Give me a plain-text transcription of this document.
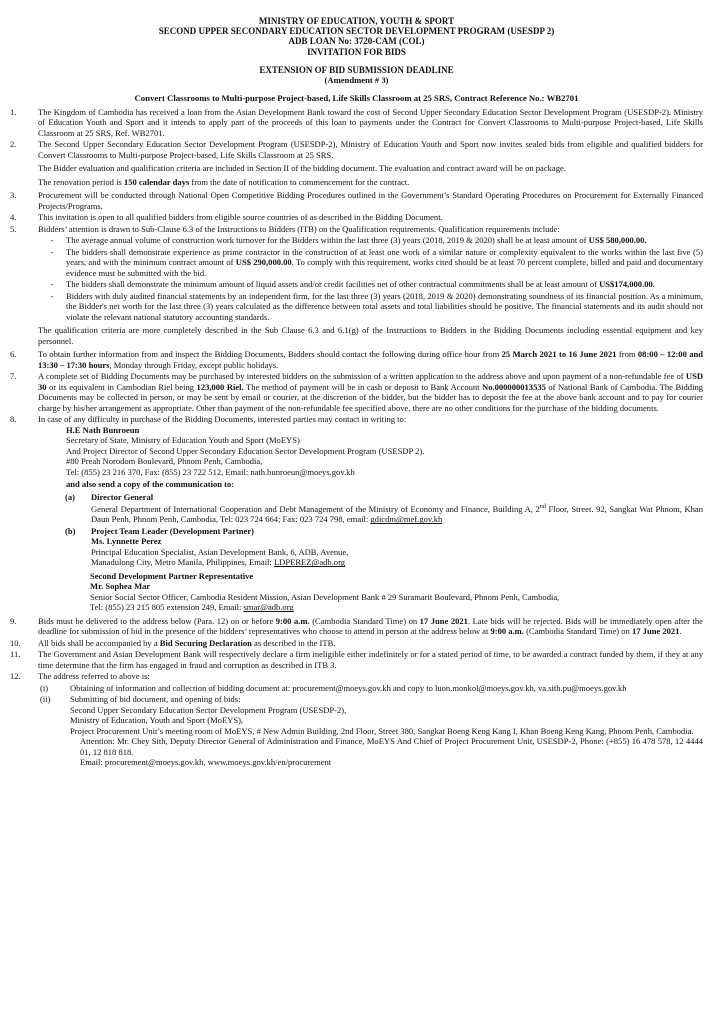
MINISTRY OF EDUCATION, YOUTH & SPORT
SECOND UPPER SECONDARY EDUCATION SECTOR DEVELOPMENT PROGRAM (USESDP 2)
ADB LOAN No: 3720-CAM (COL)
INVITATION FOR BIDS
EXTENSION OF BID SUBMISSION DEADLINE
(Amendment # 3)
Convert Classrooms to Multi-purpose Project-based, Life Skills Classroom at 25 SRS, Contract Reference No.: WB2701
1.	The Kingdom of Cambodia has received a loan from the Asian Development Bank toward the cost of Second Upper Secondary Education Sector Development Program (USESDP-2). Ministry of Education Youth and Sport and it intends to apply part of the proceeds of this loan to payments under the Contract for Convert Classrooms to Multi-purpose Project-based, Life Skills Classroom at 25 SRS, Ref. WB2701.
2.	The Second Upper Secondary Education Sector Development Program (USESDP-2), Ministry of Education Youth and Sport now invites sealed bids from eligible and qualified bidders for Convert Classrooms to Multi-purpose Project-based, Life Skills Classroom at 25 SRS.
The Bidder evaluation and qualification criteria are included in Section II of the bidding document. The evaluation and contract award will be on package.
The renovation period is 150 calendar days from the date of notification to commencement for the contract.
3.	Procurement will be conducted through National Open Competitive Bidding Procedures outlined in the Government’s Standard Operating Procedures on Procurement for Externally Financed Projects/Programs.
4.	This invitation is open to all qualified bidders from eligible source countries of as described in the Bidding Document.
5.	Bidders’ attention is drawn to Sub-Clause 6.3 of the Instructions to Bidders (ITB) on the Qualification requirements. Qualification requirements include:
-	The average annual volume of construction work turnover for the Bidders within the last three (3) years (2018, 2019 & 2020) shall be at least amount of US$ 580,000.00.
-	The bidders shall demonstrate experience as prime contractor in the construction of at least one work of a similar nature or complexity equivalent to the works within the last five (5) years, and with the minimum contract amount of US$ 290,000.00. To comply with this requirement, works cited should be at least 70 percent complete, billed and paid and documentary evidence must be submitted with the bid.
-	The bidders shall demonstrate the minimum amount of liquid assets and/or credit facilities net of other contractual commitments shall be at least amount of US$174,000.00.
-	Bidders with duly audited financial statements by an independent firm, for the last three (3) years (2018, 2019 & 2020) demonstrating soundness of its financial position. As a minimum, the Bidder's net worth for the last three (3) years calculated as the difference between total assets and total liabilities should be positive. The financial statements and its audit should not violate the relevant national statutory accounting standards.
The qualification criteria are more completely described in the Sub Clause 6.3 and 6.1(g) of the Instructions to Bidders in the Bidding Documents including essential equipment and key personnel.
6.	To obtain further information from and inspect the Bidding Documents, Bidders should contact the following during office hour from 25 March 2021 to 16 June 2021 from 08:00 – 12:00 and 13:30 – 17:30 hours, Monday through Friday, except public holidays.
7.	A complete set of Bidding Documents may be purchased by interested bidders on the submission of a written application to the address above and upon payment of a non-refundable fee of USD 30 or its equivalent in Cambodian Riel being 123,000 Riel. The method of payment will be in cash or deposit to Bank Account No.000000013535 of National Bank of Cambodia. The Bidding Documents may be collected in person, or may be sent by email or courier, at the discretion of the bidder, but the bidder has to deposit the fee at the above bank account and to pay for courier charge by his/her arrangement as appropriate. Other than payment of the non-refundable fee specified above, there are no other conditions for the purchase of the bidding documents.
8.	In case of any difficulty in purchase of the Bidding Documents, interested parties may contact in writing to:
H.E Nath Bunroeun
Secretary of State, Ministry of Education Youth and Sport (MoEYS)
And Project Director of Second Upper Secondary Education Sector Development Program (USESDP 2).
#80 Preah Norodom Boulevard, Phnom Penh, Cambodia,
Tel: (855) 23 216 370, Fax: (855) 23 722 512, Email: nath.bunroeun@moeys.gov.kh
and also send a copy of the communication to:
(a)	Director General
General Department of International Cooperation and Debt Management of the Ministry of Economy and Finance, Building A, 2nd Floor, Street. 92, Sangkat Wat Phnom, Khan Daun Penh, Phnom Penh, Cambodia, Tel: 023 724 664; Fax: 023 724 798, email: gdicdm@mef.gov.kh
(b)	Project Team Leader (Development Partner)
Ms. Lynnette Perez
Principal Education Specialist, Asian Development Bank, 6, ADB, Avenue,
Manadulong City, Metro Manila, Philippines, Email: LDPEREZ@adb.org
Second Development Partner Representative
Mr. Sophea Mar
Senior Social Sector Officer, Cambodia Resident Mission, Asian Development Bank # 29 Suramarit Boulevard, Phnom Penh, Cambodia,
Tel: (855) 23 215 805 extension 249, Email: smar@adb.org
9.	Bids must be delivered to the address below (Para. 12) on or before 9:00 a.m. (Cambodia Standard Time) on 17 June 2021. Late bids will be rejected. Bids will be immediately open after the deadline for submission of bid in the presence of the bidders’ representatives who choose to attend in person at the address below at 9:00 a.m. (Cambodia Standard Time) on 17 June 2021.
10.	All bids shall be accompanied by a Bid Securing Declaration as described in the ITB.
11.	The Government and Asian Development Bank will respectively declare a firm ineligible either indefinitely or for a stated period of time, to be awarded a contract funded by them, if they at any time determine that the firm has engaged in fraud and corruption as described in ITB 3.
12.	The address referred to above is:
(i)	Obtaining of information and collection of bidding document at: procurement@moeys.gov.kh and copy to luon.monkol@moeys.gov.kh, va.sith.pu@moeys.gov.kh
(ii)	Submitting of bid document, and opening of bids:
Second Upper Secondary Education Sector Development Program (USESDP-2),
Ministry of Education, Youth and Sport (MoEYS),
Project Procurement Unit’s meeting room of MoEYS, # New Admin Building, 2nd Floor, Street 380, Sangkat Boeng Keng Kang I, Khan Boeng Keng Kang, Phnom Penh, Cambodia.
Attention: Mr. Chey Sith, Deputy Director General of Administration and Finance, MoEYS And Chief of Project Procurement Unit, USESDP-2, Phone: (+855) 16 478 578, 12 4444 01, 12 818 818.
Email: procurement@moeys.gov.kh, www.moeys.gov.kh/en/procurement
